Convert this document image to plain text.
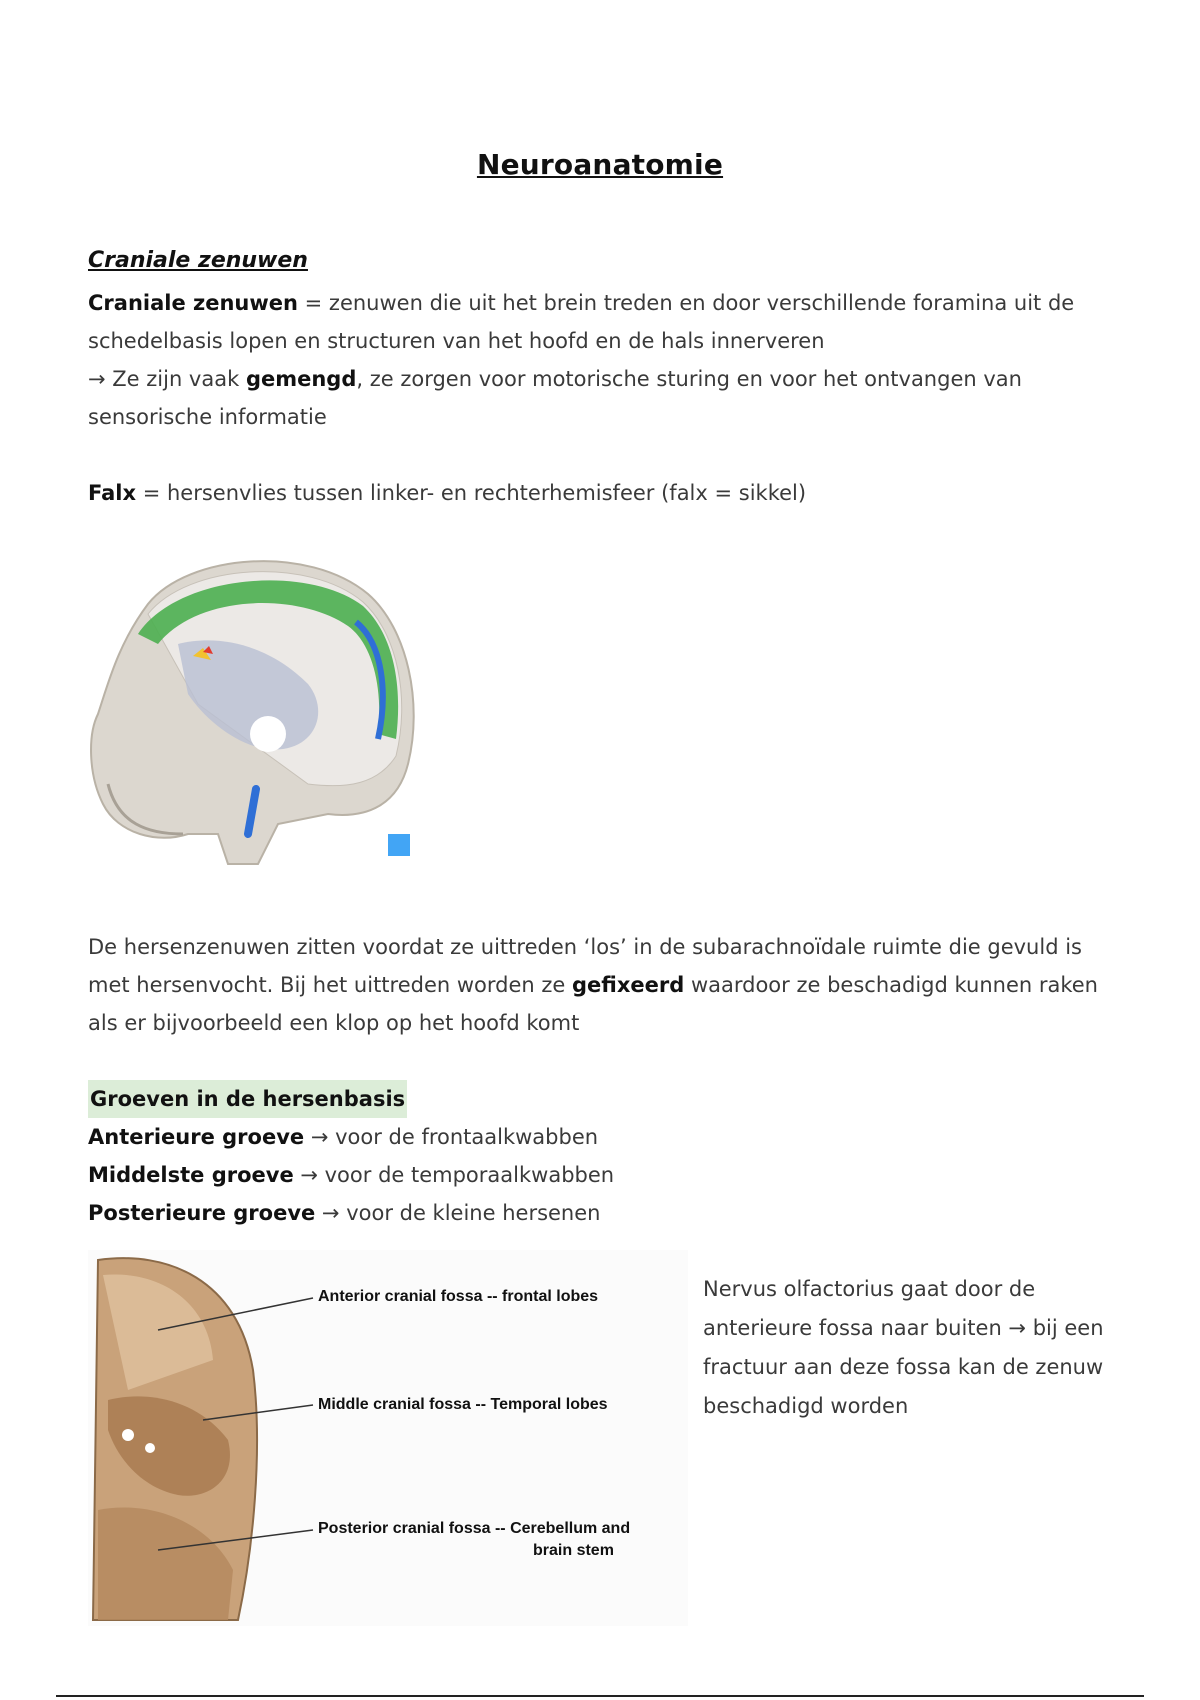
Neuroanatomie
Craniale zenuwen
Craniale zenuwen = zenuwen die uit het brein treden en door verschillende foramina uit de schedelbasis lopen en structuren van het hoofd en de hals innerveren
→ Ze zijn vaak gemengd, ze zorgen voor motorische sturing en voor het ontvangen van sensorische informatie
Falx = hersenvlies tussen linker- en rechterhemisfeer (falx = sikkel)
De hersenzenuwen zitten voordat ze uittreden ‘los’ in de subarachnoïdale ruimte die gevuld is met hersenvocht. Bij het uittreden worden ze gefixeerd waardoor ze beschadigd kunnen raken als er bijvoorbeeld een klop op het hoofd komt
Groeven in de hersenbasis
Anterieure groeve → voor de frontaalkwabben
Middelste groeve → voor de temporaalkwabben
Posterieure groeve → voor de kleine hersenen
Anterior cranial fossa -- frontal lobes
Middle cranial fossa -- Temporal lobes
Posterior cranial fossa -- Cerebellum and
brain stem
Nervus olfactorius gaat door de anterieure fossa naar buiten → bij een fractuur aan deze fossa kan de zenuw beschadigd worden
